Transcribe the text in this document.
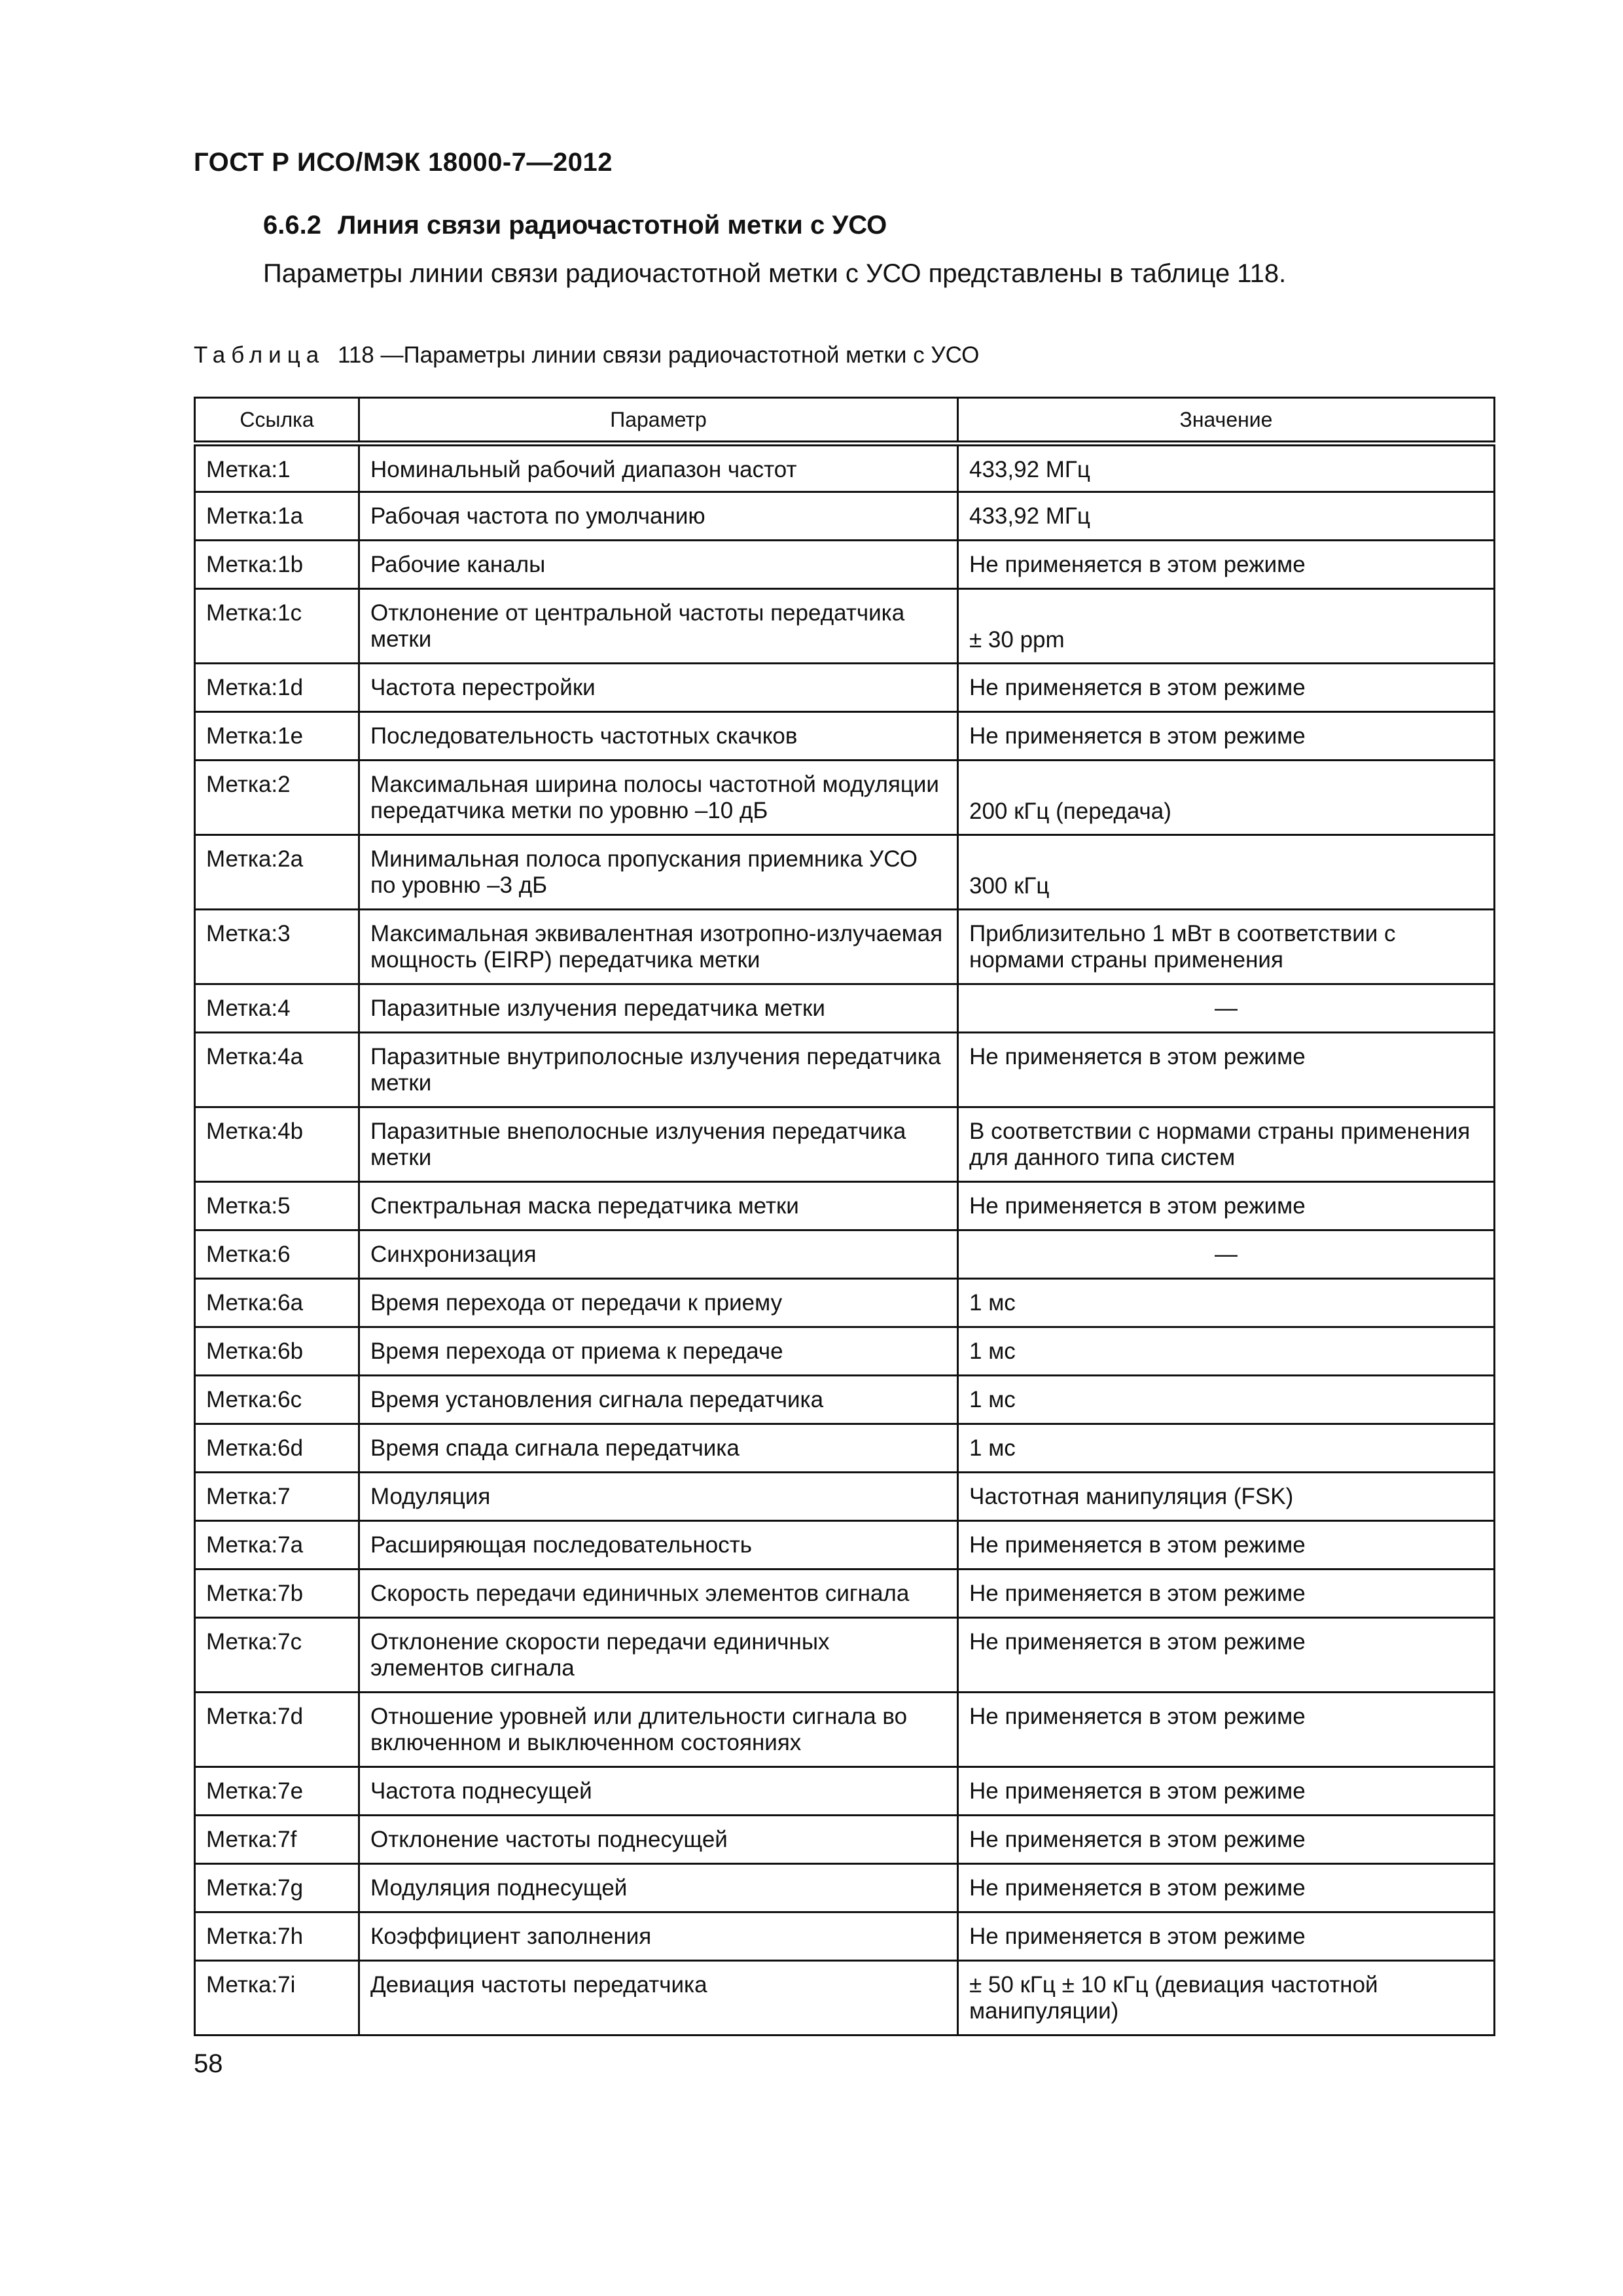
ГОСТ Р ИСО/МЭК 18000-7—2012
6.6.2 Линия связи радиочастотной метки с УСО
Параметры линии связи радиочастотной метки с УСО представлены в таблице 118.
Таблица 118 —Параметры линии связи радиочастотной метки с УСО
Ссылка	Параметр	Значение
Метка:1	Номинальный рабочий диапазон частот	433,92 МГц
Метка:1a	Рабочая частота по умолчанию	433,92 МГц
Метка:1b	Рабочие каналы	Не применяется в этом режиме
Метка:1c	Отклонение от центральной частоты передатчика метки	± 30 ppm
Метка:1d	Частота перестройки	Не применяется в этом режиме
Метка:1e	Последовательность частотных скачков	Не применяется в этом режиме
Метка:2	Максимальная ширина полосы частотной модуляции передатчика метки по уровню –10 дБ	200 кГц (передача)
Метка:2a	Минимальная полоса пропускания приемника УСО по уровню –3 дБ	300 кГц
Метка:3	Максимальная эквивалентная изотропно-излучаемая мощность (EIRP) передатчика метки	Приблизительно 1 мВт в соответствии с нормами страны применения
Метка:4	Паразитные излучения передатчика метки	—
Метка:4a	Паразитные внутриполосные излучения передатчика метки	Не применяется в этом режиме
Метка:4b	Паразитные внеполосные излучения передатчика метки	В соответствии с нормами страны применения для данного типа систем
Метка:5	Спектральная маска передатчика метки	Не применяется в этом режиме
Метка:6	Синхронизация	—
Метка:6a	Время перехода от передачи к приему	1 мс
Метка:6b	Время перехода от приема к передаче	1 мс
Метка:6c	Время установления сигнала передатчика	1 мс
Метка:6d	Время спада сигнала передатчика	1 мс
Метка:7	Модуляция	Частотная манипуляция (FSK)
Метка:7a	Расширяющая последовательность	Не применяется в этом режиме
Метка:7b	Скорость передачи единичных элементов сигнала	Не применяется в этом режиме
Метка:7c	Отклонение скорости передачи единичных элементов сигнала	Не применяется в этом режиме
Метка:7d	Отношение уровней или длительности сигнала во включенном и выключенном состояниях	Не применяется в этом режиме
Метка:7e	Частота поднесущей	Не применяется в этом режиме
Метка:7f	Отклонение частоты поднесущей	Не применяется в этом режиме
Метка:7g	Модуляция поднесущей	Не применяется в этом режиме
Метка:7h	Коэффициент заполнения	Не применяется в этом режиме
Метка:7i	Девиация частоты передатчика	± 50 кГц ± 10 кГц (девиация частотной манипуляции)
58
